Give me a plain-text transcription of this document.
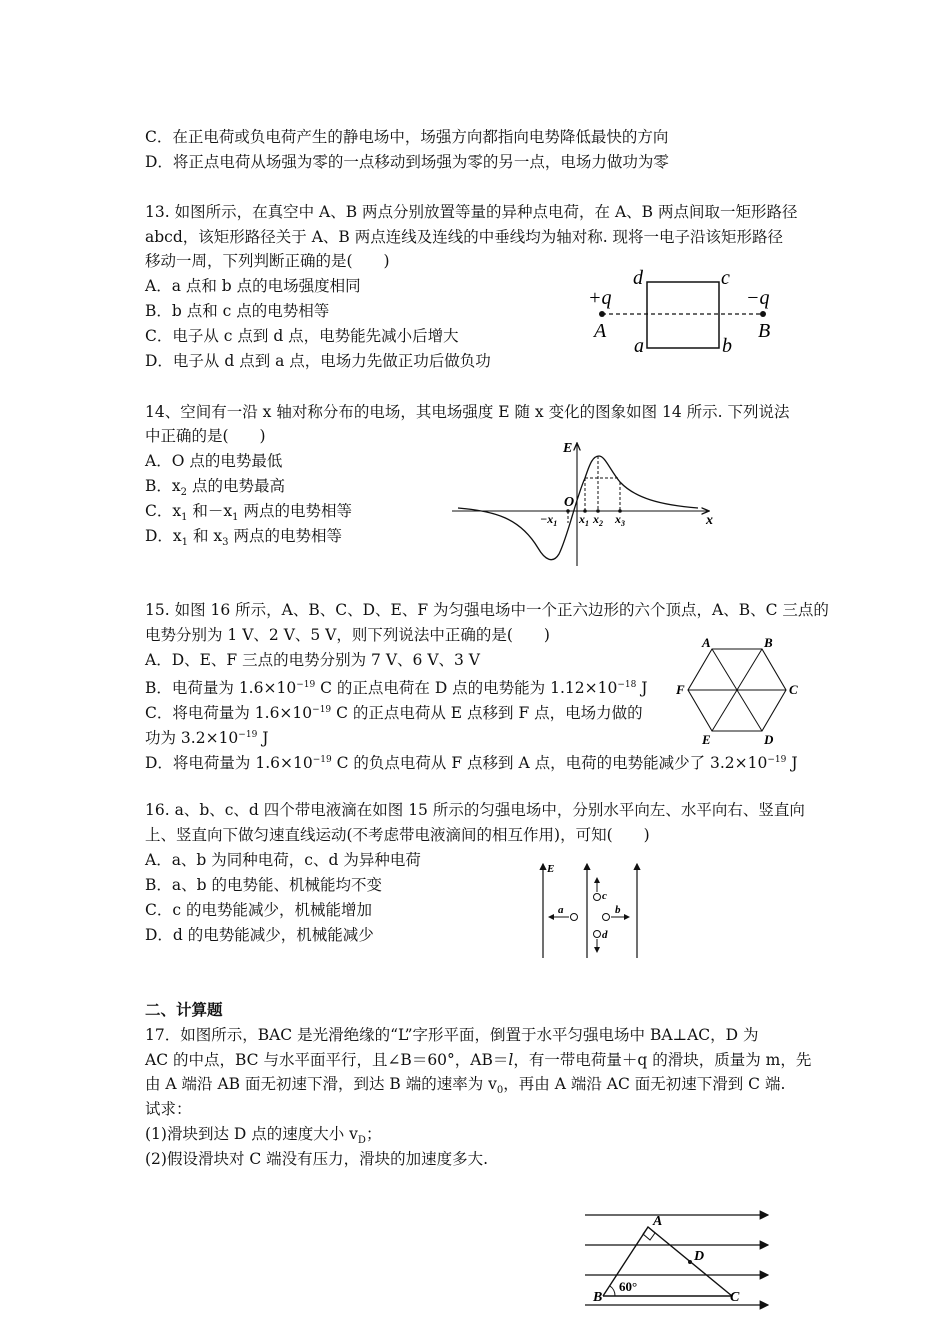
C．在正电荷或负电荷产生的静电场中，场强方向都指向电势降低最快的方向
D．将正点电荷从场强为零的一点移动到场强为零的另一点，电场力做功为零
13. 如图所示，在真空中 A、B 两点分别放置等量的异种点电荷，在 A、B 两点间取一矩形路径
abcd，该矩形路径关于 A、B 两点连线及连线的中垂线均为轴对称. 现将一电子沿该矩形路径
移动一周，下列判断正确的是(　　)
A．a 点和 b 点的电场强度相同
B．b 点和 c 点的电势相等
C．电子从 c 点到 d 点，电势能先减小后增大
D．电子从 d 点到 a 点，电场力先做正功后做负功
+q	−q
A	B
d	c
a	b
14、空间有一沿 x 轴对称分布的电场，其电场强度 E 随 x 变化的图象如图 14 所示. 下列说法
中正确的是(　　)
A．O 点的电势最低
B．$x_2$ 点的电势最高
C．$x_1$ 和$-x_1$ 两点的电势相等
D．$x_1$ 和 $x_3$ 两点的电势相等
E
x
O
$-x_1$ $x_1$ $x_2$ $x_3$
15. 如图 16 所示，A、B、C、D、E、F 为匀强电场中一个正六边形的六个顶点，A、B、C 三点的
电势分别为 1 V、2 V、5 V，则下列说法中正确的是(　　)
A．D、E、F 三点的电势分别为 7 V、6 V、3 V
B．电荷量为 $1.6\times 10^{-19}$ C 的正点电荷在 D 点的电势能为 $1.12\times 10^{-18}$ J
C．将电荷量为 $1.6\times 10^{-19}$ C 的正点电荷从 E 点移到 F 点，电场力做的
功为 $3.2\times 10^{-19}$ J
D．将电荷量为 $1.6\times 10^{-19}$ C 的负点电荷从 F 点移到 A 点，电荷的电势能减少了 $3.2\times 10^{-19}$ J
A	B
C
D
E
F
16. a、b、c、d 四个带电液滴在如图 15 所示的匀强电场中，分别水平向左、水平向右、竖直向
上、竖直向下做匀速直线运动(不考虑带电液滴间的相互作用)，可知(　　)
A．a、b 为同种电荷，c、d 为异种电荷
B．a、b 的电势能、机械能均不变
C．c 的电势能减少，机械能增加
D．d 的电势能减少，机械能减少
E
a	b
c
d
二、计算题
17．如图所示，BAC 是光滑绝缘的“L”字形平面，倒置于水平匀强电场中 BA⊥AC，D 为
AC 的中点，BC 与水平面平行，且∠B＝60°，AB＝l，有一带电荷量＋q 的滑块，质量为 m，先
由 A 端沿 AB 面无初速下滑，到达 B 端的速率为 $v_0$，再由 A 端沿 AC 面无初速下滑到 C 端.
试求：
(1)滑块到达 D 点的速度大小 $v_D$；
(2)假设滑块对 C 端没有压力，滑块的加速度多大.
A
B	C
D
60°
